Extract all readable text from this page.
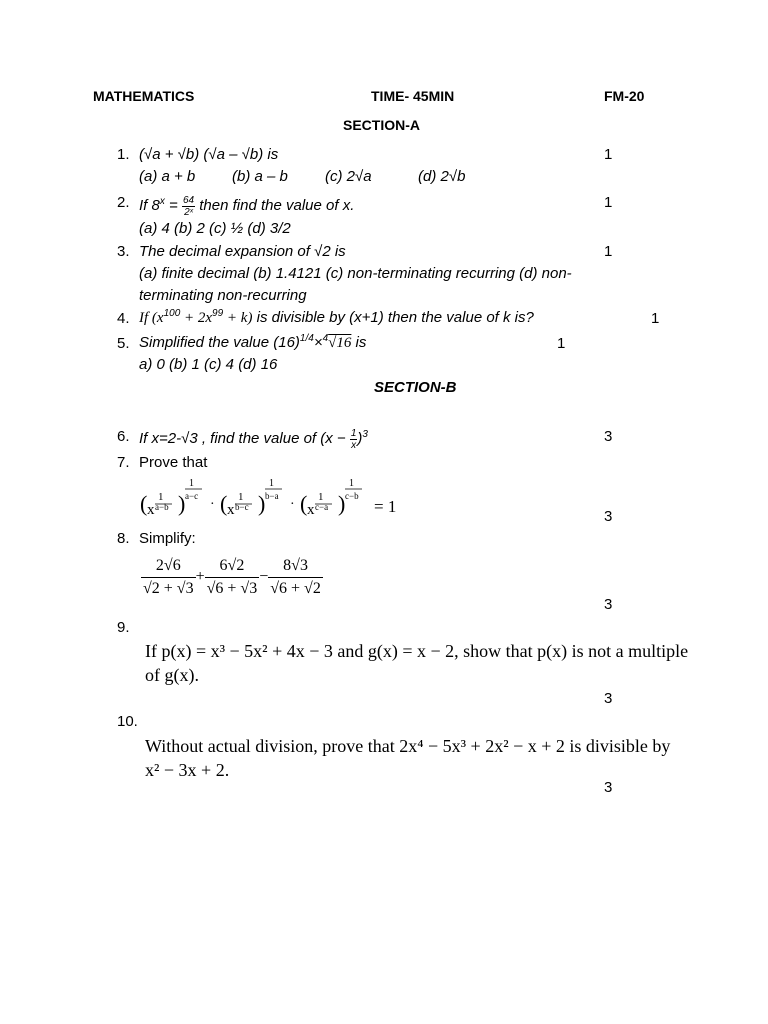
MATHEMATICS	TIME- 45MIN	FM-20
SECTION-A
1. (√a + √b) (√a – √b) is	1
(a) a + b (b) a – b (c) 2√a	(d) 2√b
2. If $8^x = \frac{64}{\text{2ˣ}}$ then find the value of x.	1
(a) 4 (b) 2 (c) ½ (d) 3/2
3. The decimal expansion of √2 is	1
(a) finite decimal (b) 1.4121 (c) non-terminating recurring (d) non-
terminating non-recurring
4. If $(x^{100} + 2x^{99} + k)$ is divisible by (x+1) then the value of k is?	1
5. Simplified the value $(16)^{1/4}\times^4√16$ is	1
a) 0 (b) 1 (c) 4 (d) 16
SECTION-B
6. If x=2-√3 , find the value of $(x - \frac{1}{x} )^3$	3
7. Prove that
( 1
x a−b )
1
a−c
· ( 1
x b−c )
1
b−a
· ( 1
x c−a )
1
c−b
= 1
3
8. Simplify:
$\frac{2√6}{√2 + √3} + \frac{6√2}{√6 + √3} - \frac{8√3}{√6 + √2}$
3
9.
If p(x) = x³ − 5x² + 4x − 3 and g(x) = x − 2, show that p(x) is not a multiple
of g(x).
3
10.
Without actual division, prove that 2x⁴ − 5x³ + 2x² − x + 2 is divisible by
x² − 3x + 2.
3
